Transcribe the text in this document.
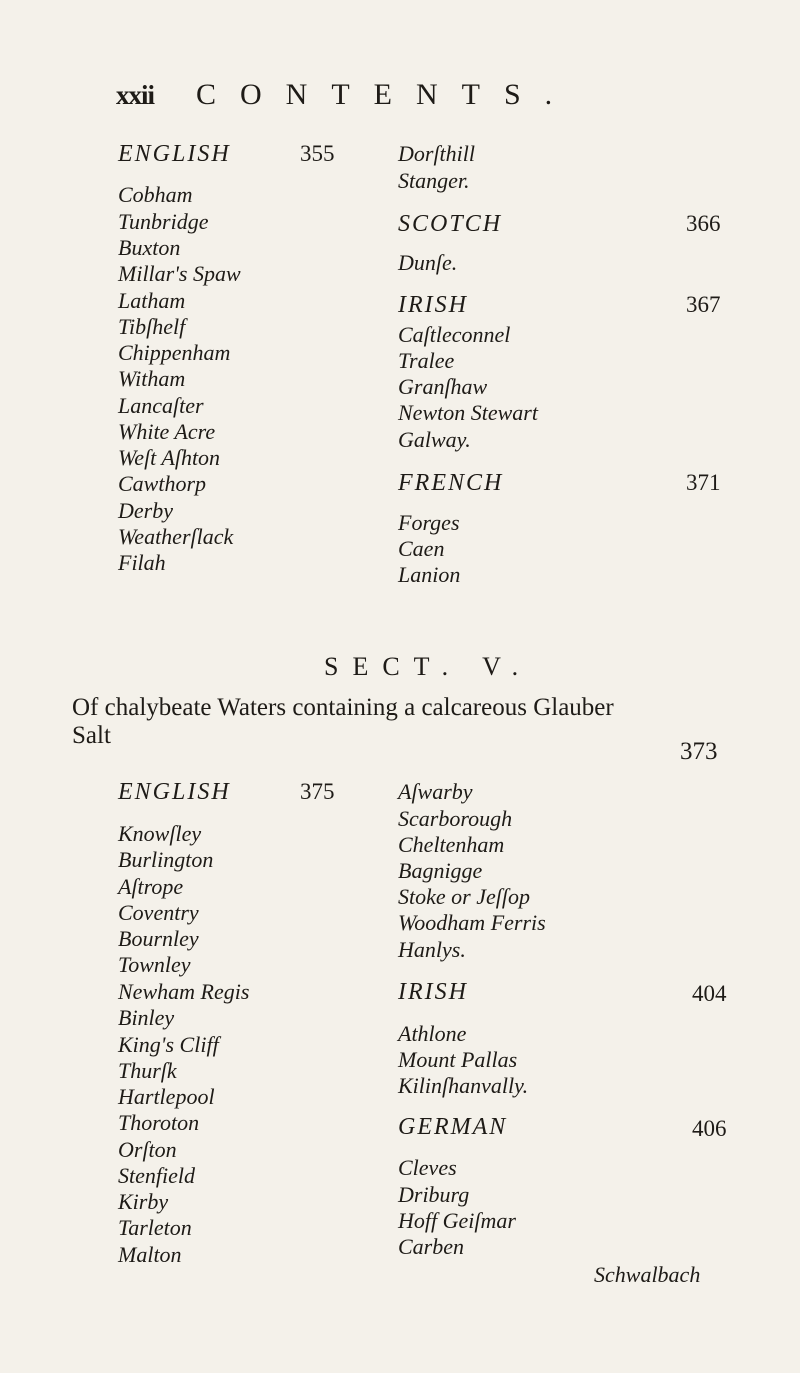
xxii CONTENTS.
ENGLISH	355
Cobham
Tunbridge
Buxton
Millar's Spaw
Latham
Tibſhelf
Chippenham
Witham
Lancaſter
White Acre
Weſt Aſhton
Cawthorp
Derby
Weatherſlack
Filah
Dorſthill
Stanger.
SCOTCH	366
Dunſe.
IRISH	367
Caſtleconnel
Tralee
Granſhaw
Newton Stewart
Galway.
FRENCH	371
Forges
Caen
Lanion
SECT. V.
Of chalybeate Waters containing a calcareous Glauber
Salt
373
ENGLISH	375
Knowſley
Burlington
Aſtrope
Coventry
Bournley
Townley
Newham Regis
Binley
King's Cliff
Thurſk
Hartlepool
Thoroton
Orſton
Stenfield
Kirby
Tarleton
Malton
Aſwarby
Scarborough
Cheltenham
Bagnigge
Stoke or Jeſſop
Woodham Ferris
Hanlys.
IRISH	404
Athlone
Mount Pallas
Kilinſhanvally.
GERMAN	406
Cleves
Driburg
Hoff Geiſmar
Carben
Schwalbach
